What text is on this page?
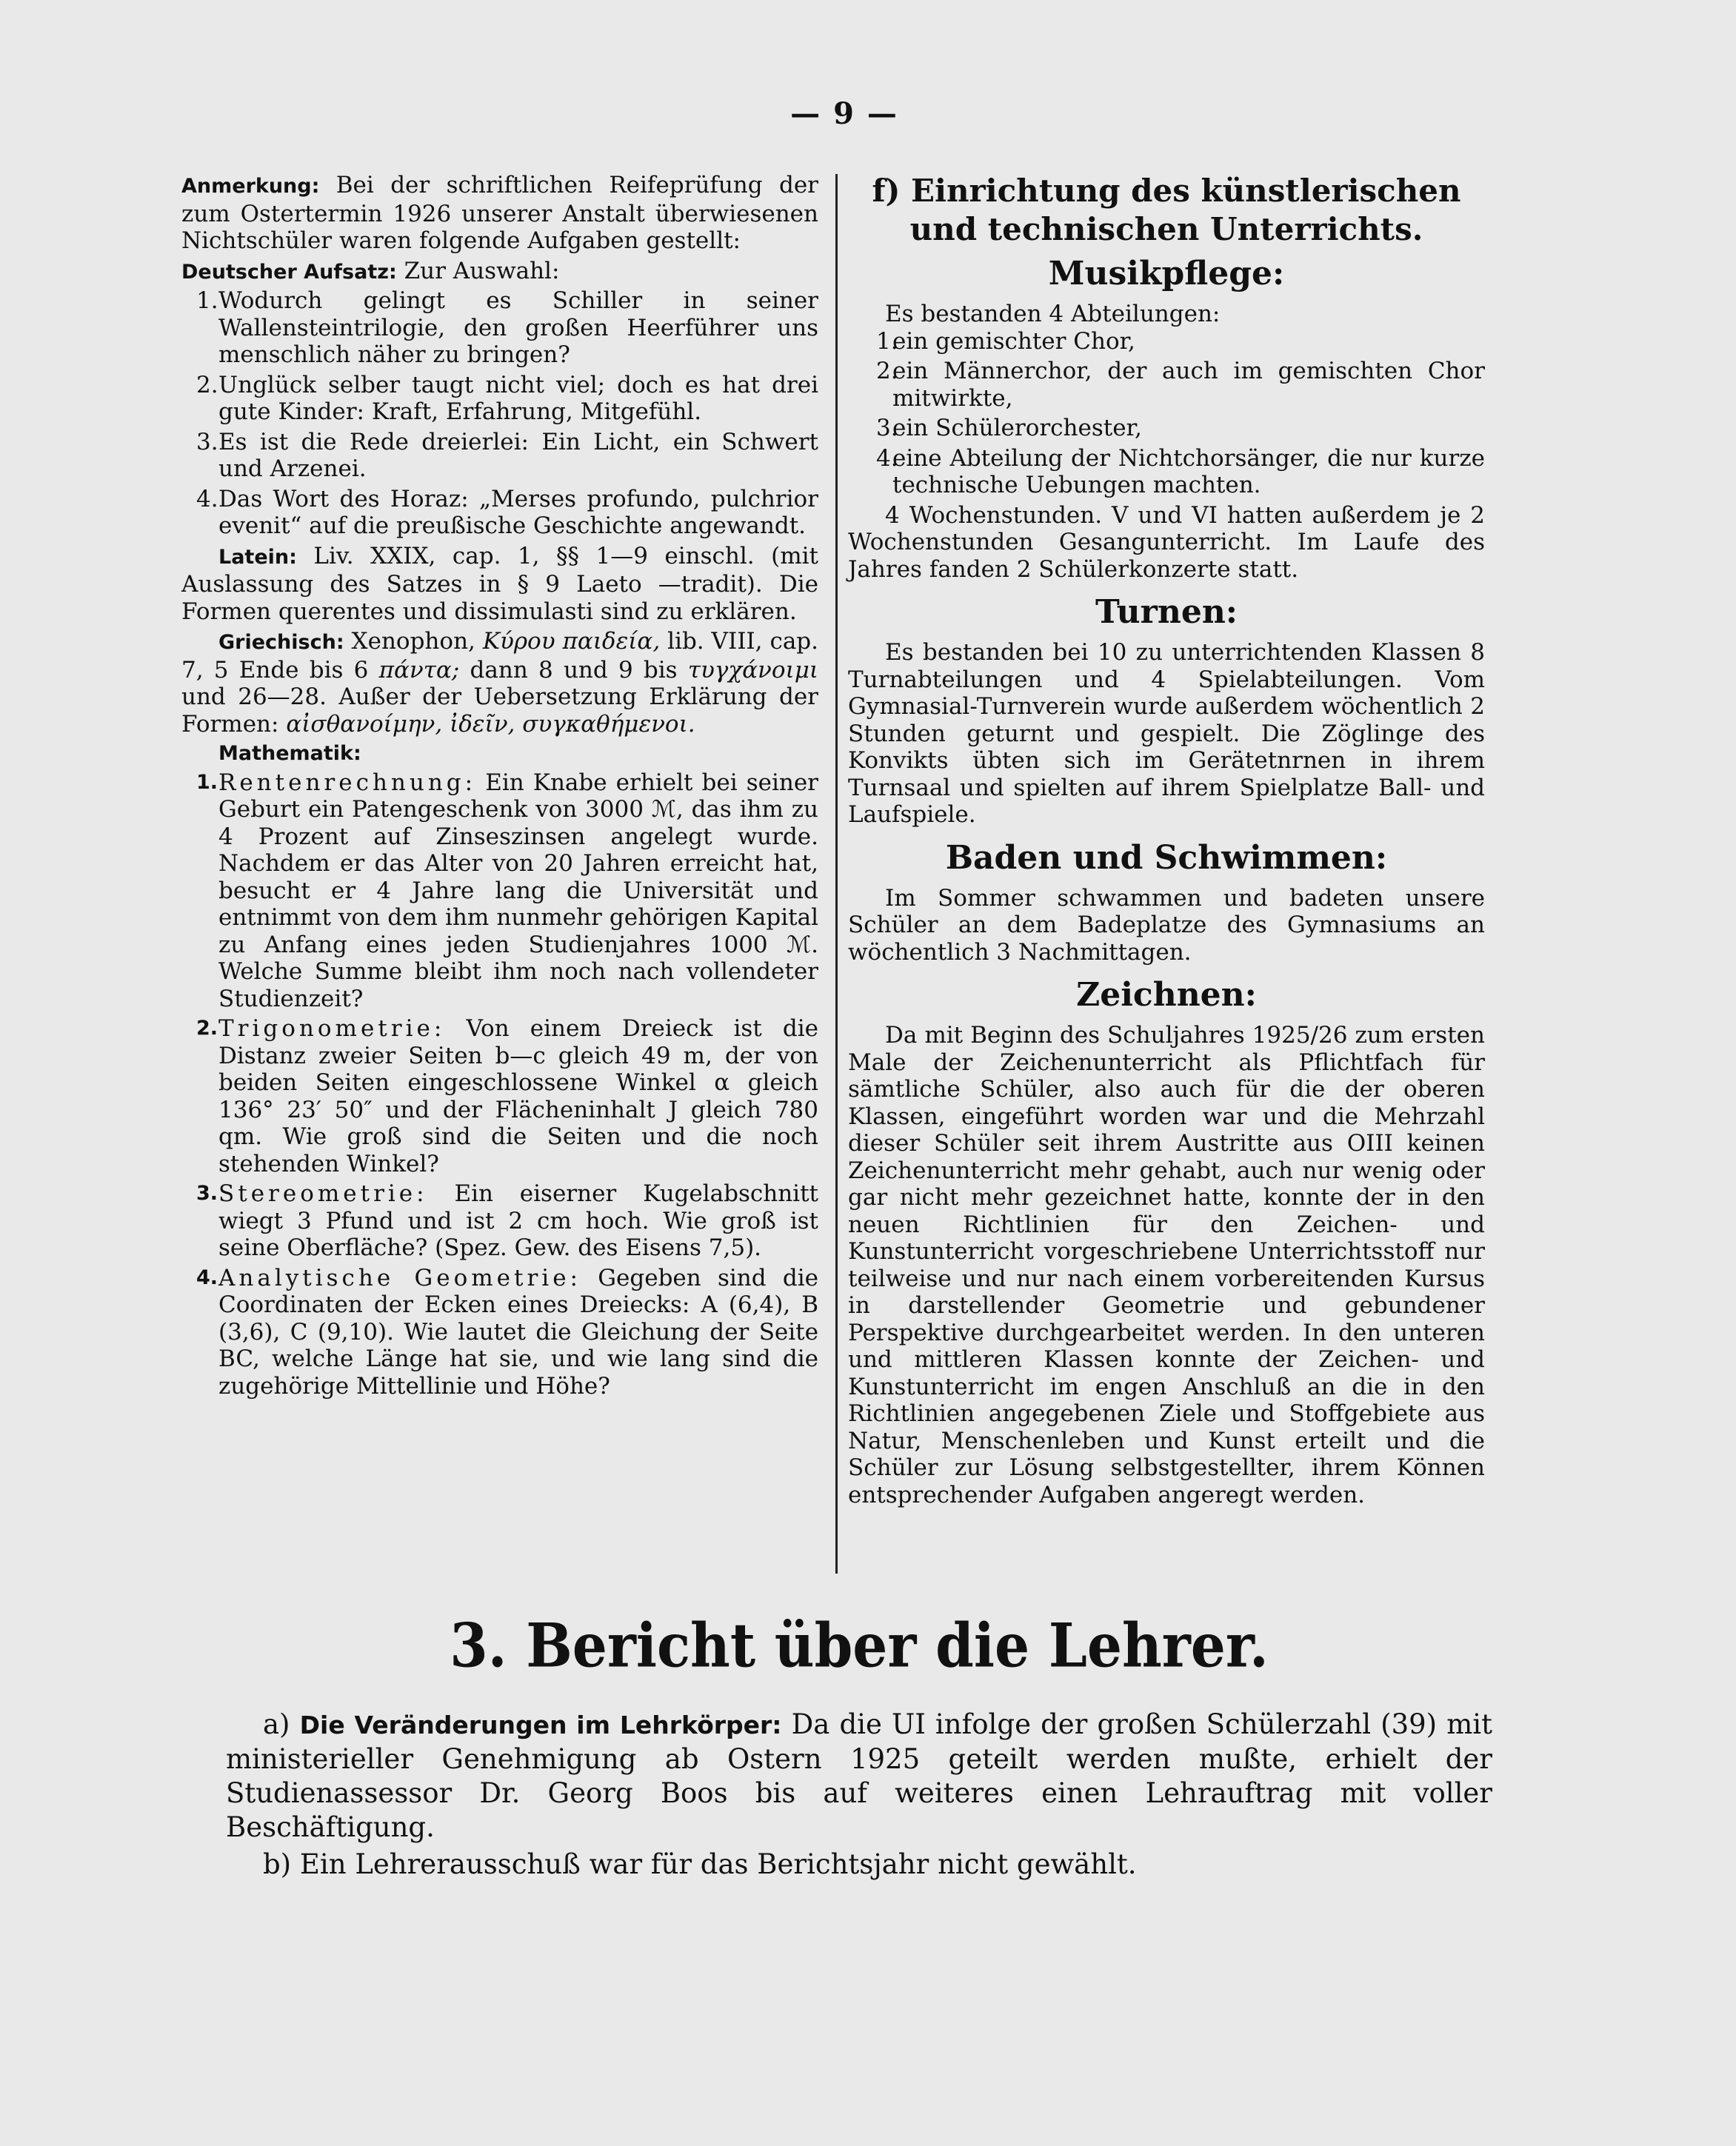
— 9 —

Anmerkung: Bei der schriftlichen Reifeprüfung der zum Ostertermin 1926 unserer Anstalt überwiesenen Nichtschüler waren folgende Aufgaben gestellt:

Deutscher Aufsatz: Zur Auswahl:

1. Wodurch gelingt es Schiller in seiner Wallensteintrilogie, den großen Heerführer uns menschlich näher zu bringen?
2. Unglück selber taugt nicht viel; doch es hat drei gute Kinder: Kraft, Erfahrung, Mitgefühl.
3. Es ist die Rede dreierlei: Ein Licht, ein Schwert und Arzenei.
4. Das Wort des Horaz: „Merses profundo, pulchrior evenit“ auf die preußische Geschichte angewandt.

Latein: Liv. XXIX, cap. 1, §§ 1—9 einschl. (mit Auslassung des Satzes in § 9 Laeto —tradit). Die Formen querentes und dissimulasti sind zu erklären.

Griechisch: Xenophon, Κύρου παιδεία, lib. VIII, cap. 7, 5 Ende bis 6 πάντα; dann 8 und 9 bis τυγχάνοιμι und 26—28. Außer der Uebersetzung Erklärung der Formen: αἰσθανοίμην, ἰδεῖν, συγκαθήμενοι.

Mathematik:

1. Rentenrechnung: Ein Knabe erhielt bei seiner Geburt ein Patengeschenk von 3000 ℳ, das ihm zu 4 Prozent auf Zinseszinsen angelegt wurde. Nachdem er das Alter von 20 Jahren erreicht hat, besucht er 4 Jahre lang die Universität und entnimmt von dem ihm nunmehr gehörigen Kapital zu Anfang eines jeden Studienjahres 1000 ℳ. Welche Summe bleibt ihm noch nach vollendeter Studienzeit?
2. Trigonometrie: Von einem Dreieck ist die Distanz zweier Seiten b—c gleich 49 m, der von beiden Seiten eingeschlossene Winkel α gleich 136° 23′ 50″ und der Flächeninhalt J gleich 780 qm. Wie groß sind die Seiten und die noch stehenden Winkel?
3. Stereometrie: Ein eiserner Kugelabschnitt wiegt 3 Pfund und ist 2 cm hoch. Wie groß ist seine Oberfläche? (Spez. Gew. des Eisens 7,5).
4. Analytische Geometrie: Gegeben sind die Coordinaten der Ecken eines Dreiecks: A (6,4), B (3,6), C (9,10). Wie lautet die Gleichung der Seite BC, welche Länge hat sie, und wie lang sind die zugehörige Mittellinie und Höhe?
f) Einrichtung des künstlerischen und technischen Unterrichts.
Musikpflege:

Es bestanden 4 Abteilungen:

1.
ein gemischter Chor,
2.
ein Männerchor, der auch im gemischten Chor mitwirkte,
3.
ein Schülerorchester,
4.
eine Abteilung der Nichtchorsänger, die nur kurze technische Uebungen machten.

4 Wochenstunden. V und VI hatten außerdem je 2 Wochenstunden Gesangunterricht. Im Laufe des Jahres fanden 2 Schülerkonzerte statt.

Turnen:

Es bestanden bei 10 zu unterrichtenden Klassen 8 Turnabteilungen und 4 Spielabteilungen. Vom Gymnasial-Turnverein wurde außerdem wöchentlich 2 Stunden geturnt und gespielt. Die Zöglinge des Konvikts übten sich im Gerätetnrnen in ihrem Turnsaal und spielten auf ihrem Spielplatze Ball- und Laufspiele.

Baden und Schwimmen:

Im Sommer schwammen und badeten unsere Schüler an dem Badeplatze des Gymnasiums an wöchentlich 3 Nachmittagen.

Zeichnen:

Da mit Beginn des Schuljahres 1925/26 zum ersten Male der Zeichenunterricht als Pflichtfach für sämtliche Schüler, also auch für die der oberen Klassen, eingeführt worden war und die Mehrzahl dieser Schüler seit ihrem Austritte aus OIII keinen Zeichenunterricht mehr gehabt, auch nur wenig oder gar nicht mehr gezeichnet hatte, konnte der in den neuen Richtlinien für den Zeichen- und Kunstunterricht vorgeschriebene Unterrichtsstoff nur teilweise und nur nach einem vorbereitenden Kursus in darstellender Geometrie und gebundener Perspektive durchgearbeitet werden. In den unteren und mittleren Klassen konnte der Zeichen- und Kunstunterricht im engen Anschluß an die in den Richtlinien angegebenen Ziele und Stoffgebiete aus Natur, Menschenleben und Kunst erteilt und die Schüler zur Lösung selbstgestellter, ihrem Können entsprechender Aufgaben angeregt werden.

3. Bericht über die Lehrer.

a) Die Veränderungen im Lehrkörper: Da die UI infolge der großen Schülerzahl (39) mit ministerieller Genehmigung ab Ostern 1925 geteilt werden mußte, erhielt der Studienassessor Dr. Georg Boos bis auf weiteres einen Lehrauftrag mit voller Beschäftigung.

b) Ein Lehrerausschuß war für das Berichtsjahr nicht gewählt.
